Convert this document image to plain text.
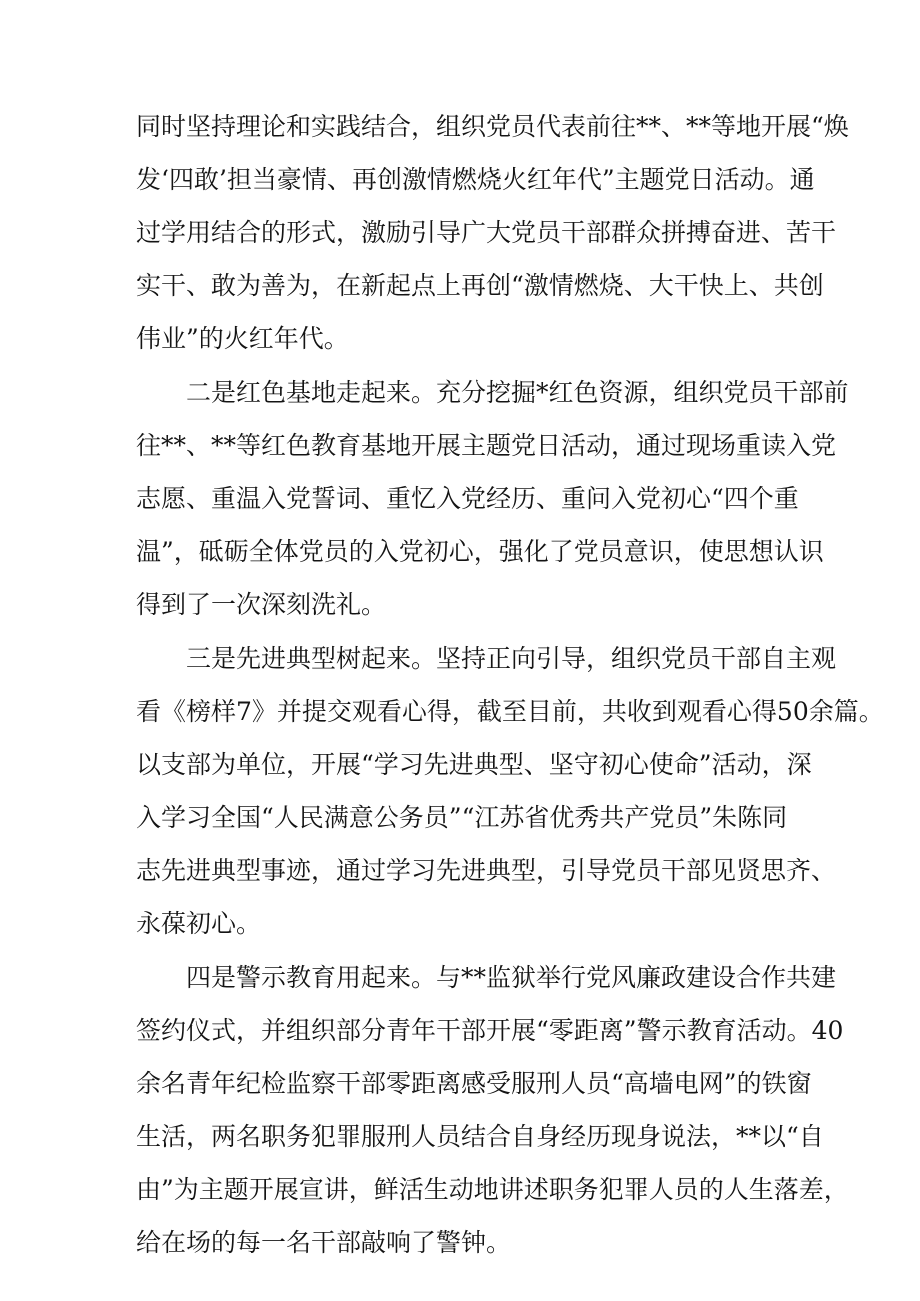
同时坚持理论和实践结合，组织党员代表前往**、**等地开展“焕
发‘四敢’担当豪情、再创激情燃烧火红年代”主题党日活动。通
过学用结合的形式，激励引导广大党员干部群众拼搏奋进、苦干
实干、敢为善为，在新起点上再创“激情燃烧、大干快上、共创
伟业”的火红年代。
二是红色基地走起来。充分挖掘*红色资源，组织党员干部前
往**、**等红色教育基地开展主题党日活动，通过现场重读入党
志愿、重温入党誓词、重忆入党经历、重问入党初心“四个重
温”，砥砺全体党员的入党初心，强化了党员意识，使思想认识
得到了一次深刻洗礼。
三是先进典型树起来。坚持正向引导，组织党员干部自主观
看《榜样7》并提交观看心得，截至目前，共收到观看心得50余篇。
以支部为单位，开展“学习先进典型、坚守初心使命”活动，深
入学习全国“人民满意公务员”“江苏省优秀共产党员”朱陈同
志先进典型事迹，通过学习先进典型，引导党员干部见贤思齐、
永葆初心。
四是警示教育用起来。与**监狱举行党风廉政建设合作共建
签约仪式，并组织部分青年干部开展“零距离”警示教育活动。40
余名青年纪检监察干部零距离感受服刑人员“高墙电网”的铁窗
生活，两名职务犯罪服刑人员结合自身经历现身说法，**以“自
由”为主题开展宣讲，鲜活生动地讲述职务犯罪人员的人生落差，
给在场的每一名干部敲响了警钟。
